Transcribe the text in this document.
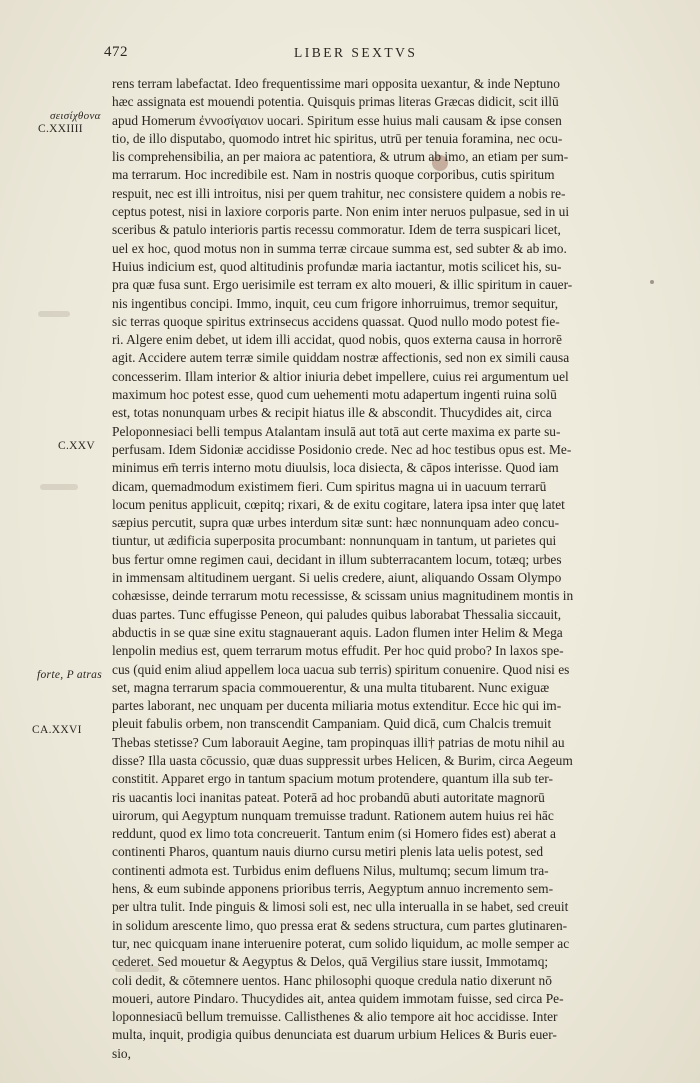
472	LIBER SEXTVS
σεισίχθονα
C.XXIIII
C.XXV
forte, P atras
CA.XXVI
rens terram labefactat. Ideo frequentissime mari opposita uexantur, & inde Neptuno
hæc assignata est mouendi potentia. Quisquis primas literas Græcas didicit, scit illū
apud Homerum ἐννοσίγαιον uocari. Spiritum esse huius mali causam & ipse consen
tio, de illo disputabo, quomodo intret hic spiritus, utrū per tenuia foramina, nec ocu-
lis comprehensibilia, an per maiora ac patentiora, & utrum ab imo, an etiam per sum-
ma terrarum. Hoc incredibile est. Nam in nostris quoque corporibus, cutis spiritum
respuit, nec est illi introitus, nisi per quem trahitur, nec consistere quidem a nobis re-
ceptus potest, nisi in laxiore corporis parte. Non enim inter neruos pulpasue, sed in ui
sceribus & patulo interioris partis recessu commoratur. Idem de terra suspicari licet,
uel ex hoc, quod motus non in summa terræ circaue summa est, sed subter & ab imo.
Huius indicium est, quod altitudinis profundæ maria iactantur, motis scilicet his, su-
pra quæ fusa sunt. Ergo uerisimile est terram ex alto moueri, & illic spiritum in cauer-
nis ingentibus concipi. Immo, inquit, ceu cum frigore inhorruimus, tremor sequitur,
sic terras quoque spiritus extrinsecus accidens quassat. Quod nullo modo potest fie-
ri. Algere enim debet, ut idem illi accidat, quod nobis, quos externa causa in horrorē
agit. Accidere autem terræ simile quiddam nostræ affectionis, sed non ex simili causa
concesserim. Illam interior & altior iniuria debet impellere, cuius rei argumentum uel
maximum hoc potest esse, quod cum uehementi motu adapertum ingenti ruina solū
est, totas nonunquam urbes & recipit hiatus ille & abscondit. Thucydides ait, circa
Peloponnesiaci belli tempus Atalantam insulā aut totā aut certe maxima ex parte su-
perfusam. Idem Sidoniæ accidisse Posidonio crede. Nec ad hoc testibus opus est. Me-
minimus em̄ terris interno motu diuulsis, loca disiecta, & cāpos interisse. Quod iam
dicam, quemadmodum existimem fieri. Cum spiritus magna ui in uacuum terrarū
locum penitus applicuit, cœpitq; rixari, & de exitu cogitare, latera ipsa inter quę latet
sæpius percutit, supra quæ urbes interdum sitæ sunt: hæc nonnunquam adeo concu-
tiuntur, ut ædificia superposita procumbant: nonnunquam in tantum, ut parietes qui
bus fertur omne regimen caui, decidant in illum subterracantem locum, totæq; urbes
in immensam altitudinem uergant. Si uelis credere, aiunt, aliquando Ossam Olympo
cohæsisse, deinde terrarum motu recessisse, & scissam unius magnitudinem montis in
duas partes. Tunc effugisse Peneon, qui paludes quibus laborabat Thessalia siccauit,
abductis in se quæ sine exitu stagnauerant aquis. Ladon flumen inter Helim & Mega
lenpolin medius est, quem terrarum motus effudit. Per hoc quid probo? In laxos spe-
cus (quid enim aliud appellem loca uacua sub terris) spiritum conuenire. Quod nisi es
set, magna terrarum spacia commouerentur, & una multa titubarent. Nunc exiguæ
partes laborant, nec unquam per ducenta miliaria motus extenditur. Ecce hic qui im-
pleuit fabulis orbem, non transcendit Campaniam. Quid dicā, cum Chalcis tremuit
Thebas stetisse? Cum laborauit Aegine, tam propinquas illi† patrias de motu nihil au
disse? Illa uasta cōcussio, quæ duas suppressit urbes Helicen, & Burim, circa Aegeum
constitit. Apparet ergo in tantum spacium motum protendere, quantum illa sub ter-
ris uacantis loci inanitas pateat. Poterā ad hoc probandū abuti autoritate magnorū
uirorum, qui Aegyptum nunquam tremuisse tradunt. Rationem autem huius rei hāc
reddunt, quod ex limo tota concreuerit. Tantum enim (si Homero fides est) aberat a
continenti Pharos, quantum nauis diurno cursu metiri plenis lata uelis potest, sed
continenti admota est. Turbidus enim defluens Nilus, multumq; secum limum tra-
hens, & eum subinde apponens prioribus terris, Aegyptum annuo incremento sem-
per ultra tulit. Inde pinguis & limosi soli est, nec ulla interualla in se habet, sed creuit
in solidum arescente limo, quo pressa erat & sedens structura, cum partes glutinaren-
tur, nec quicquam inane interuenire poterat, cum solido liquidum, ac molle semper ac
cederet. Sed mouetur & Aegyptus & Delos, quā Vergilius stare iussit, Immotamq;
coli dedit, & cōtemnere uentos. Hanc philosophi quoque credula natio dixerunt nō
moueri, autore Pindaro. Thucydides ait, antea quidem immotam fuisse, sed circa Pe-
loponnesiacū bellum tremuisse. Callisthenes & alio tempore ait hoc accidisse. Inter
multa, inquit, prodigia quibus denunciata est duarum urbium Helices & Buris euer-
sio,
